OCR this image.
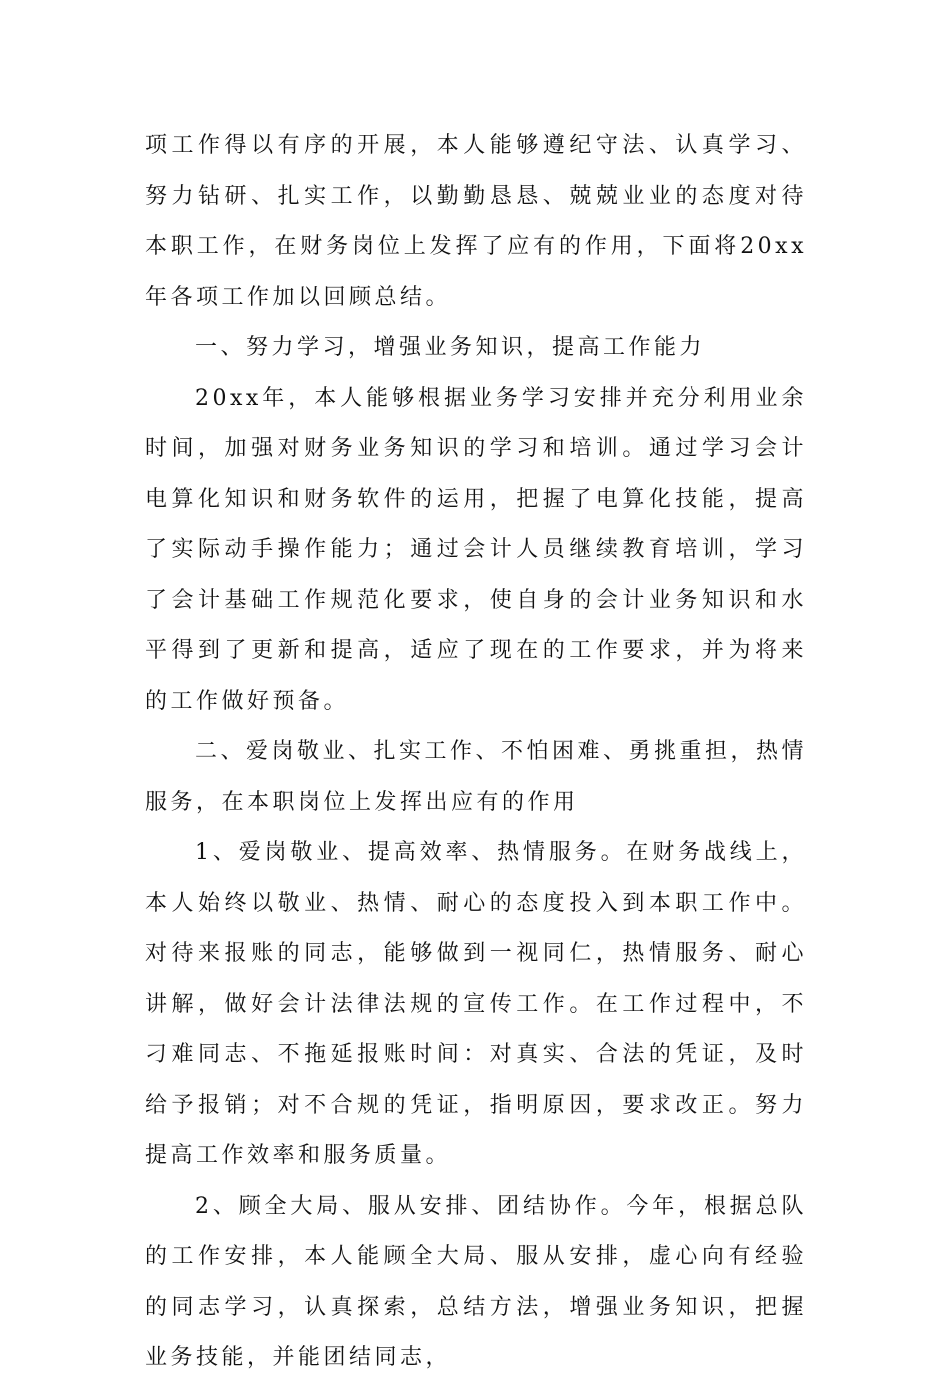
项工作得以有序的开展，本人能够遵纪守法、认真学习、努力钻研、扎实工作，以勤勤恳恳、兢兢业业的态度对待本职工作，在财务岗位上发挥了应有的作用，下面将20xx年各项工作加以回顾总结。

一、努力学习，增强业务知识，提高工作能力

20xx年，本人能够根据业务学习安排并充分利用业余时间，加强对财务业务知识的学习和培训。通过学习会计电算化知识和财务软件的运用，把握了电算化技能，提高了实际动手操作能力；通过会计人员继续教育培训，学习了会计基础工作规范化要求，使自身的会计业务知识和水平得到了更新和提高，适应了现在的工作要求，并为将来的工作做好预备。

二、爱岗敬业、扎实工作、不怕困难、勇挑重担，热情服务，在本职岗位上发挥出应有的作用

1、爱岗敬业、提高效率、热情服务。在财务战线上，本人始终以敬业、热情、耐心的态度投入到本职工作中。对待来报账的同志，能够做到一视同仁，热情服务、耐心讲解，做好会计法律法规的宣传工作。在工作过程中，不刁难同志、不拖延报账时间：对真实、合法的凭证，及时给予报销；对不合规的凭证，指明原因，要求改正。努力提高工作效率和服务质量。

2、顾全大局、服从安排、团结协作。今年，根据总队的工作安排，本人能顾全大局、服从安排，虚心向有经验的同志学习，认真探索，总结方法，增强业务知识，把握业务技能，并能团结同志，
